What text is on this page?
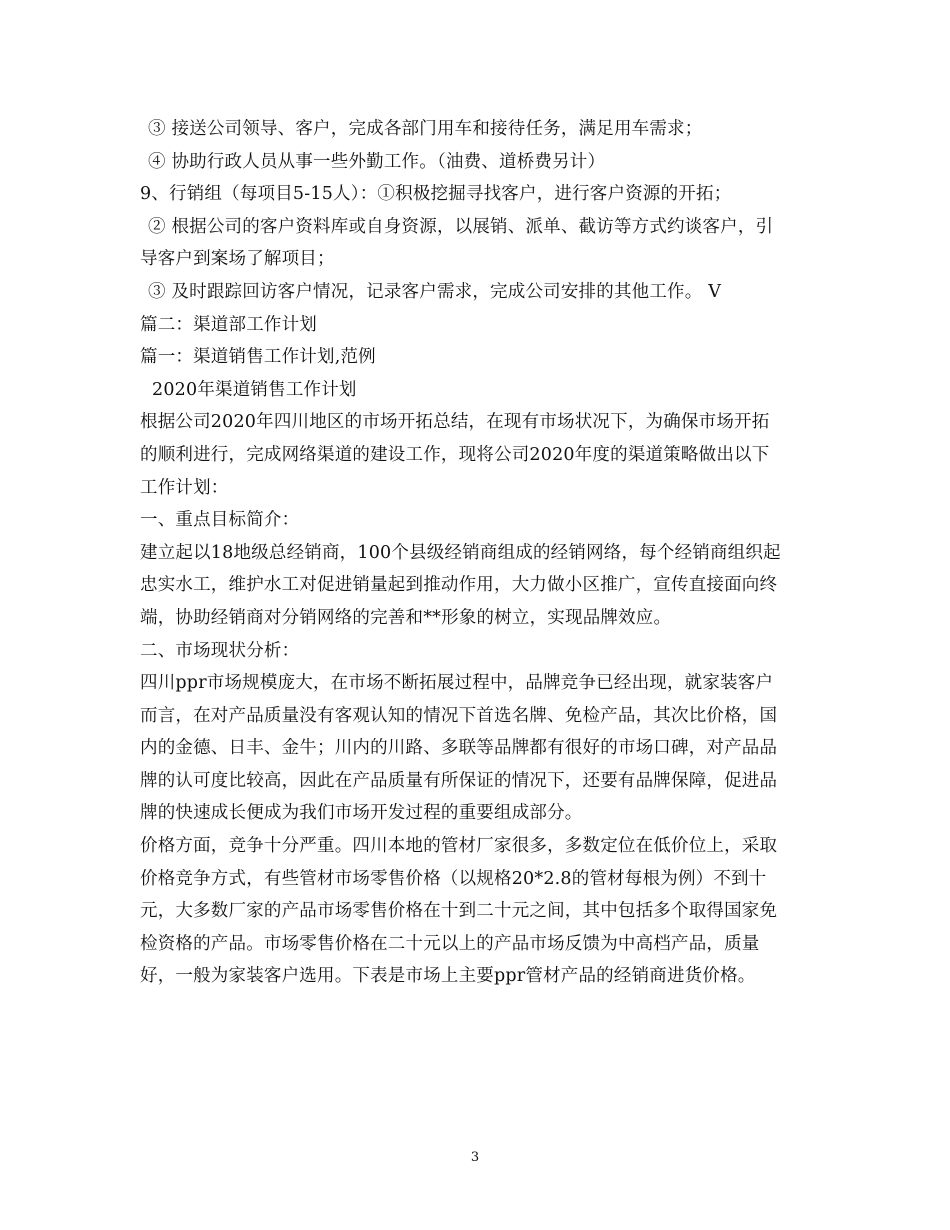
③ 接送公司领导、客户，完成各部门用车和接待任务，满足用车需求；
④ 协助行政人员从事一些外勤工作。（油费、道桥费另计）
9、行销组（每项目5-15人）：①积极挖掘寻找客户，进行客户资源的开拓；
② 根据公司的客户资料库或自身资源，以展销、派单、截访等方式约谈客户，引
导客户到案场了解项目；
③ 及时跟踪回访客户情况，记录客户需求，完成公司安排的其他工作。 V
篇二：渠道部工作计划
篇一：渠道销售工作计划,范例
2020年渠道销售工作计划
根据公司2020年四川地区的市场开拓总结，在现有市场状况下，为确保市场开拓
的顺利进行，完成网络渠道的建设工作，现将公司2020年度的渠道策略做出以下
工作计划：
一、重点目标简介：
建立起以18地级总经销商，100个县级经销商组成的经销网络，每个经销商组织起
忠实水工，维护水工对促进销量起到推动作用，大力做小区推广，宣传直接面向终
端，协助经销商对分销网络的完善和**形象的树立，实现品牌效应。
二、市场现状分析：
四川ppr市场规模庞大，在市场不断拓展过程中，品牌竞争已经出现，就家装客户
而言，在对产品质量没有客观认知的情况下首选名牌、免检产品，其次比价格，国
内的金德、日丰、金牛；川内的川路、多联等品牌都有很好的市场口碑，对产品品
牌的认可度比较高，因此在产品质量有所保证的情况下，还要有品牌保障，促进品
牌的快速成长便成为我们市场开发过程的重要组成部分。
价格方面，竞争十分严重。四川本地的管材厂家很多，多数定位在低价位上，采取
价格竞争方式，有些管材市场零售价格（以规格20*2.8的管材每根为例）不到十
元，大多数厂家的产品市场零售价格在十到二十元之间，其中包括多个取得国家免
检资格的产品。市场零售价格在二十元以上的产品市场反馈为中高档产品，质量
好，一般为家装客户选用。下表是市场上主要ppr管材产品的经销商进货价格。
3
